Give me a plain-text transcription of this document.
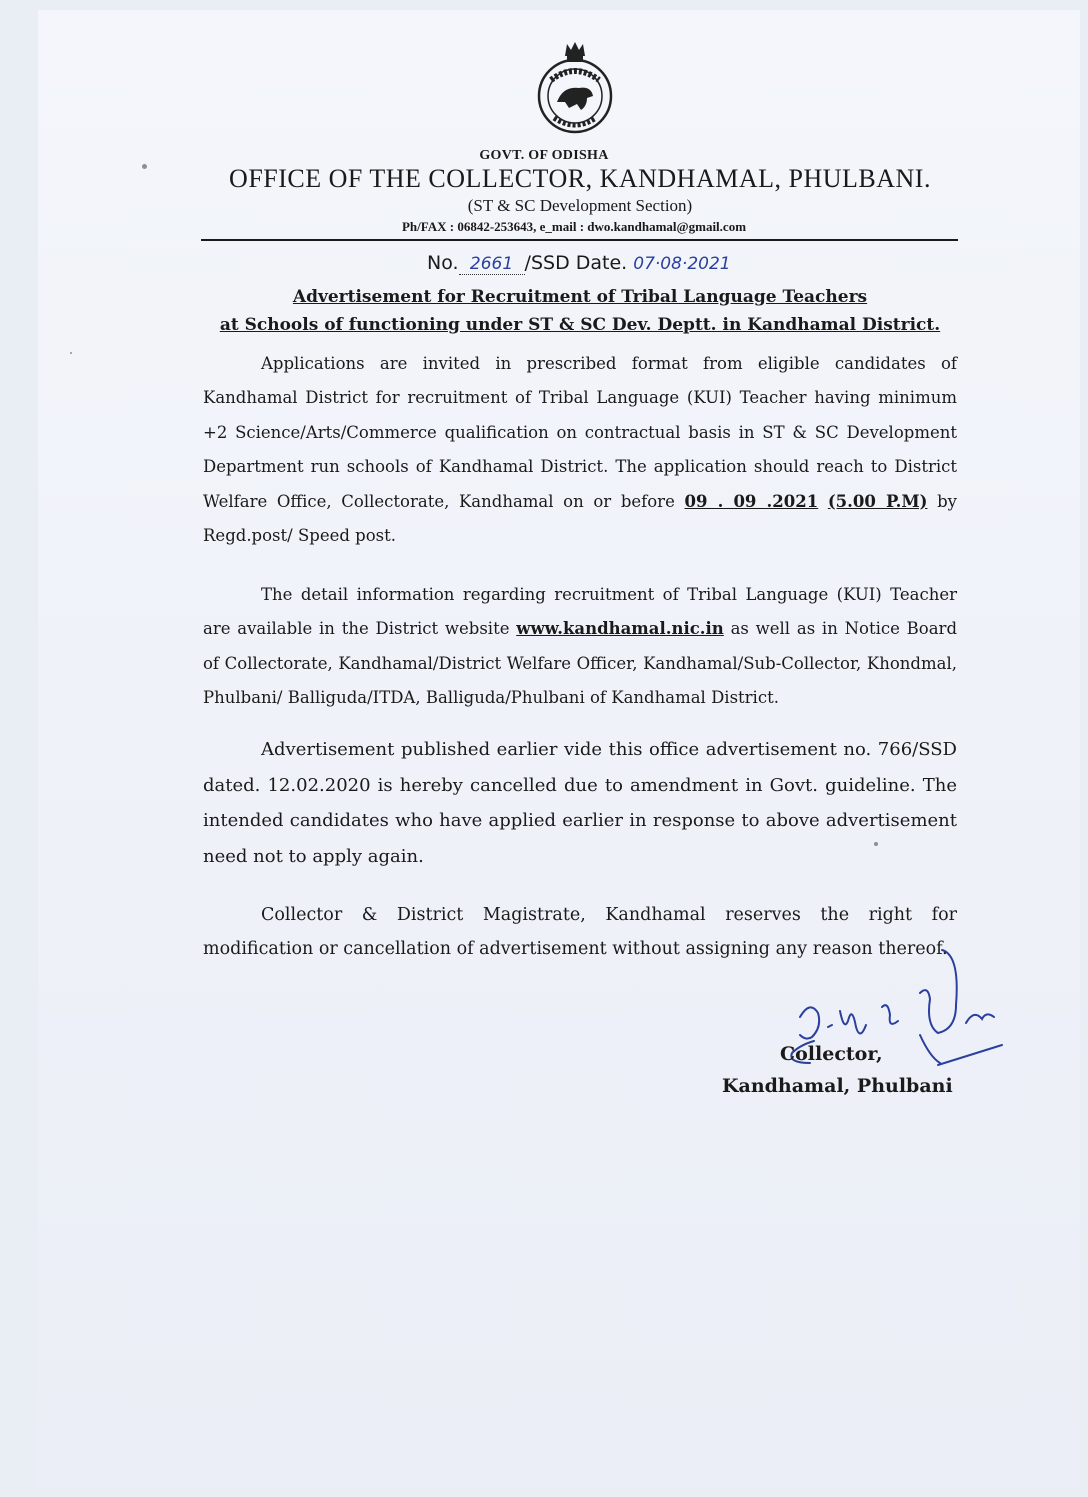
GOVT. OF ODISHA
OFFICE OF THE COLLECTOR, KANDHAMAL, PHULBANI.
(ST & SC Development Section)
Ph/FAX : 06842-253643, e_mail : dwo.kandhamal@gmail.com
No. 2661 /SSD Date. 07·08·2021
Advertisement for Recruitment of Tribal Language Teachers
at Schools of functioning under ST & SC Dev. Deptt. in Kandhamal District.

Applications are invited in prescribed format from eligible candidates of Kandhamal District for recruitment of Tribal Language (KUI) Teacher having minimum +2 Science/Arts/Commerce qualification on contractual basis in ST & SC Development Department run schools of Kandhamal District. The application should reach to District Welfare Office, Collectorate, Kandhamal on or before 09 . 09 .2021 (5.00 P.M) by Regd.post/ Speed post.

The detail information regarding recruitment of Tribal Language (KUI) Teacher are available in the District website www.kandhamal.nic.in as well as in Notice Board of Collectorate, Kandhamal/District Welfare Officer, Kandhamal/Sub-Collector, Khondmal, Phulbani/ Balliguda/ITDA, Balliguda/Phulbani of Kandhamal District.

Advertisement published earlier vide this office advertisement no. 766/SSD dated. 12.02.2020 is hereby cancelled due to amendment in Govt. guideline. The intended candidates who have applied earlier in response to above advertisement need not to apply again.

Collector & District Magistrate, Kandhamal reserves the right for modification or cancellation of advertisement without assigning any reason thereof.

Collector,
Kandhamal, Phulbani
